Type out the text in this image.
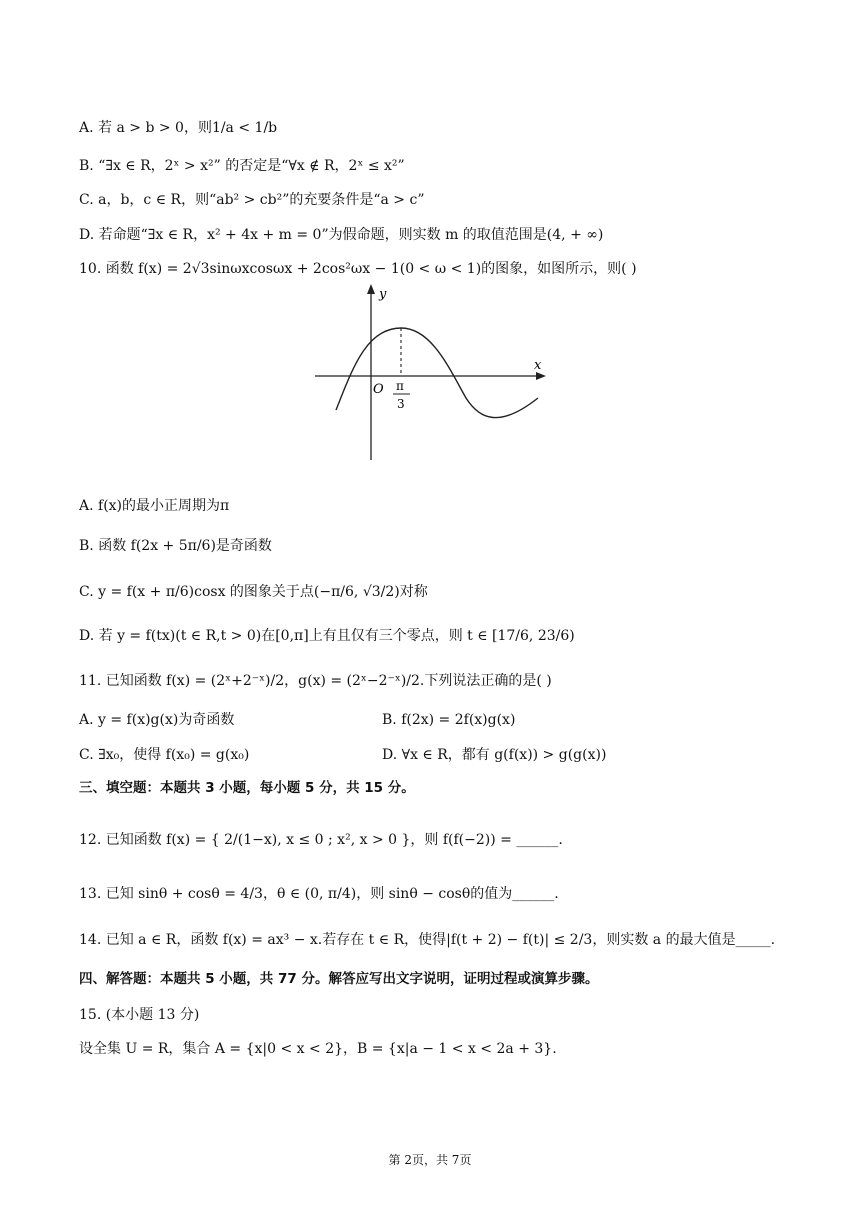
A. 若 a > b > 0，则1/a < 1/b
B. “∃x ∈ R，2ˣ > x²” 的否定是“∀x ∉ R，2ˣ ≤ x²”
C. a，b，c ∈ R，则“ab² > cb²”的充要条件是“a > c”
D. 若命题“∃x ∈ R，x² + 4x + m = 0”为假命题，则实数 m 的取值范围是(4, + ∞)
10. 函数 f(x) = 2√3sinωxcosωx + 2cos²ωx − 1(0 < ω < 1)的图象，如图所示，则( )
y
x
O π
3
A. f(x)的最小正周期为π
B. 函数 f(2x + 5π/6)是奇函数
C. y = f(x + π/6)cosx 的图象关于点(−π/6, √3/2)对称
D. 若 y = f(tx)(t ∈ R,t > 0)在[0,π]上有且仅有三个零点，则 t ∈ [17/6, 23/6)
11. 已知函数 f(x) = (2ˣ+2⁻ˣ)/2，g(x) = (2ˣ−2⁻ˣ)/2.下列说法正确的是( )
A. y = f(x)g(x)为奇函数	B. f(2x) = 2f(x)g(x)
C. ∃x₀，使得 f(x₀) = g(x₀)	D. ∀x ∈ R，都有 g(f(x)) > g(g(x))
三、填空题：本题共 3 小题，每小题 5 分，共 15 分。
12. 已知函数 f(x) = { 2/(1−x), x ≤ 0 ; x², x > 0 }，则 f(f(−2)) = ______.
13. 已知 sinθ + cosθ = 4/3，θ ∈ (0, π/4)，则 sinθ − cosθ的值为______.
14. 已知 a ∈ R，函数 f(x) = ax³ − x.若存在 t ∈ R，使得|f(t + 2) − f(t)| ≤ 2/3，则实数 a 的最大值是_____.
四、解答题：本题共 5 小题，共 77 分。解答应写出文字说明，证明过程或演算步骤。
15. (本小题 13 分)
设全集 U = R，集合 A = {x|0 < x < 2}，B = {x|a − 1 < x < 2a + 3}.
第 2页，共 7页
